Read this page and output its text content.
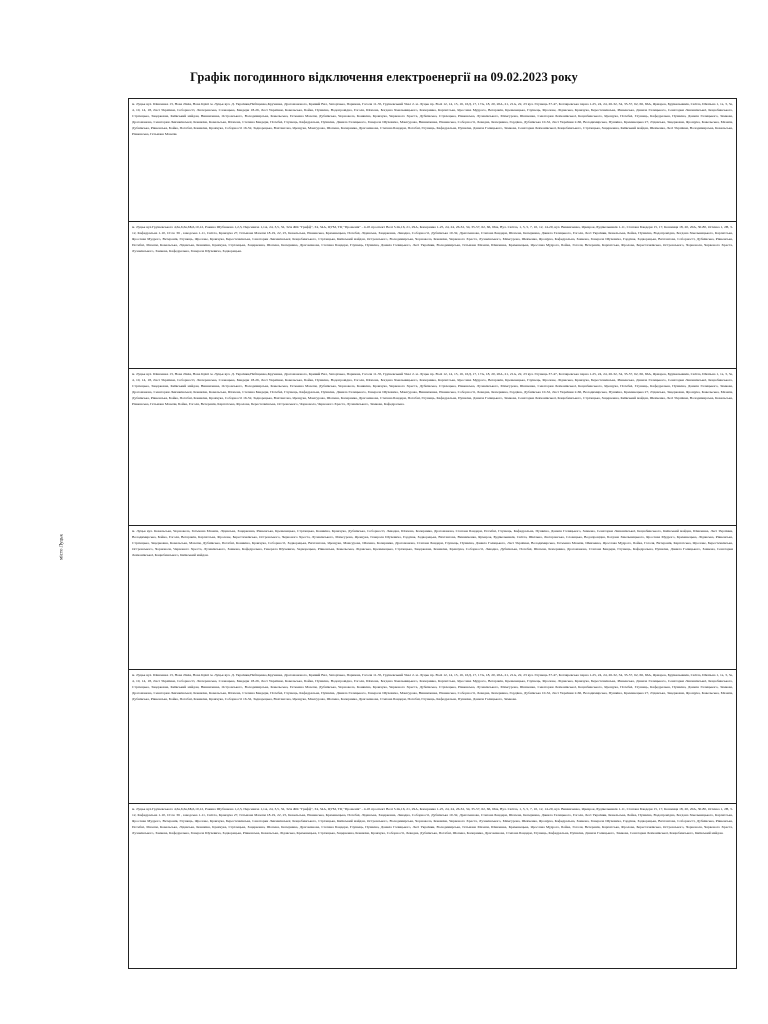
Графік погодинного відключення електроенергії на 09.02.2023 року
місто Луцьк
м. Луцьк вул. Шевченка 13, Нова Лінія, Нова Кріпі м. Луцьк вул. Д. Українки,Небіщенко,Кручинка, Драгоманового, Кривий Вал, Запорізька, Парижна, Гоголя 11-35, Грушевський Увал 2. м. Луцьк пр. Волі 12, 14, 15, 16, 16Д, 17, 17А, 18, 20, 20А, 21, 21А, 22, 23 вул. Глушець 37-47, Котляревська парна 1-25, 24, 24, 26-32, 34, 35-57, 62, 66, 66А, Ярмарок, Будівельників, Світла, Шкільна 1, 1а, 3, 3а, 4, 10, 14, 18, Лесі Українки, Соборності, Лютеранська, Словацька, Бандери 18-26, Лесі Українки, Ковельська, Бойка, Пушкіна, Водопровідна, Гоголя, Шопена, Богдана Хмельницького, Коперника, Карпатська, Ярослава Мудрого, Ветеранів, Кременецька, Глушець, Фролове, Лідавська, Кравчука, Берестечківська, Рівненська, Данила Галицького, Сенаторки Левчанівської, Коцюбинського, Стрілецька, Зацерковна, Київський майдан, Винниченка, Островського, Володимирська, Ковельська, Гетьмана Мазепи, Дубнівська, Чорновола, Конякіна, Кравчука, Червоного Хреста, Дубнівська, Стрілецька, Рівненська, Лучаківського, Мамсурова, Шевченка, Сенаторки Левчанівської, Коцюбинського, Ярощука, Потебні, Глушець, Кафедральна, Пушкіна, Данила Галицького, Замкова, Драгоманова, Сенаторки Левчанівської, Конякіна, Ковельська, Шопена, Степана Бандери, Потебні, Глушець, Кафедральна, Пушкіна, Данила Галицького, Генерала Шухевича, Мамсурова, Винниченка, Рівненська, Соборності, Левадна, Коперника, Гордіюк, Дубнівська 10-32, Лесі Українки 2-66, Володимирська, Пушкіна, Кременецька 27, Лідавська, Зацерковна, Ярощука, Ковельська, Мазепи, Дубнівська, Рівненська, Бойка, Потебні, Конякіна, Кравчука, Соборності 16-32, Задворецька, Вахтангова, Ярощука, Мамсурова, Шопена, Коперника, Драгоманова, Степана Бандери, Потебні, Глушець, Кафедральна, Пушкіна, Данила Галицького, Замкова, Сенаторки Левчанівської, Коцюбинського, Стрілецька, Зацерковна, Київський майдан, Шевченка, Лесі Українки, Володимирська, Ковельська, Рівненська, Гетьмана Мазепи.
м. Луцьк вул.Грушевського 4,6а,6,6а,6Б,6,10,12, Рокина Шубчакова 1,2,3, Персевича 1,1А, 24, 3,5, 32, 32А ЖК "Грифф", 34, 34А, ЦУМ, ТЦ "Променів" - 4-45 проспект Волі 5-9а,16, 21, 29А, Коперника 1-25, 24, 24, 26-32, 34, 35-57, 62, 66, 66А, Вул. Світла, 1, 3, 5, 7, 10, 12, 14-20, вул. Винниченка, Ярмарок, Будівельників 1-11, Степана Бандери 15, 17, Кошинця 18, 20, 20А, 30-80, Огієнка 1, 2В, 3-12, Кафедральна 1-10, 10 по 36 , заводська 1-11, Світла, Кравчука 27, Гетьмана Мазепи 18-19, 22, 25, Ковельська, Рівненська, Кременецька, Потебні, Лідавська, Зацерковна, Левадна, Соборності, Дубнівська 10-32, Драгоманова, Степана Бандери, Шопена, Коперника, Данила Галицького, Гоголя, Лесі Українки, Ковельська, Бойка, Пушкіна, Водопровідна, Богдана Хмельницького, Карпатська, Ярослава Мудрого, Ветеранів, Глушець, Фролове, Кравчука, Берестечківська, Сенаторки Левчанівської, Коцюбинського, Стрілецька, Київський майдан, Островського, Володимирська, Чорновола, Конякіна, Червоного Хреста, Лучаківського, Мамсурова, Шевченка, Ярощука, Кафедральна, Замкова, Генерала Шухевича, Гордіюк, Задворецька, Вахтангова, Соборності, Дубнівська, Рівненська, Потебні, Мазепи, Ковельська, Лідавська, Конякіна, Кравчука, Стрілецька, Зацерковна, Шопена, Коперника, Драгоманова, Степана Бандери, Глушець, Пушкіна, Данила Галицького, Лесі Українки, Володимирська, Гетьмана Мазепи, Шевченка, Кременецька, Ярослава Мудрого, Бойка, Гоголя, Ветеранів, Карпатська, Фролове, Берестечківська, Островського, Чорновола, Червоного Хреста, Лучаківського, Замкова, Кафедральна, Генерала Шухевича, Задворецька.
м. Луцьк вул. Шевченка 13, Нова Лінія, Нова Кріпі м. Луцьк вул. Д. Українки,Небіщенко,Кручинка, Драгоманового, Кривий Вал, Запорізька, Парижна, Гоголя 11-35, Грушевський Увал 2. м. Луцьк пр. Волі 12, 14, 15, 16, 16Д, 17, 17А, 18, 20, 20А, 21, 21А, 22, 23 вул. Глушець 37-47, Котляревська парна 1-25, 24, 24, 26-32, 34, 35-57, 62, 66, 66А, Ярмарок, Будівельників, Світла, Шкільна 1, 1а, 3, 3а, 4, 10, 14, 18, Лесі Українки, Соборності, Лютеранська, Словацька, Бандери 18-26, Лесі Українки, Ковельська, Бойка, Пушкіна, Водопровідна, Гоголя, Шопена, Богдана Хмельницького, Коперника, Карпатська, Ярослава Мудрого, Ветеранів, Кременецька, Глушець, Фролове, Лідавська, Кравчука, Берестечківська, Рівненська, Данила Галицького, Сенаторки Левчанівської, Коцюбинського, Стрілецька, Зацерковна, Київський майдан, Винниченка, Островського, Володимирська, Ковельська, Гетьмана Мазепи, Дубнівська, Чорновола, Конякіна, Кравчука, Червоного Хреста, Дубнівська, Стрілецька, Рівненська, Лучаківського, Мамсурова, Шевченка, Сенаторки Левчанівської, Коцюбинського, Ярощука, Потебні, Глушець, Кафедральна, Пушкіна, Данила Галицького, Замкова, Драгоманова, Сенаторки Левчанівської, Конякіна, Ковельська, Шопена, Степана Бандери, Потебні, Глушець, Кафедральна, Пушкіна, Данила Галицького, Генерала Шухевича, Мамсурова, Винниченка, Рівненська, Соборності, Левадна, Коперника, Гордіюк, Дубнівська 10-32, Лесі Українки 2-66, Володимирська, Пушкіна, Кременецька 27, Лідавська, Зацерковна, Ярощука, Ковельська, Мазепи, Дубнівська, Рівненська, Бойка, Потебні, Конякіна, Кравчука, Соборності 16-32, Задворецька, Вахтангова, Ярощука, Мамсурова, Шопена, Коперника, Драгоманова, Степана Бандери, Потебні, Глушець, Кафедральна, Пушкіна, Данила Галицького, Замкова, Сенаторки Левчанівської, Коцюбинського, Стрілецька, Зацерковна, Київський майдан, Шевченка, Лесі Українки, Володимирська, Ковельська, Рівненська, Гетьмана Мазепи, Бойка, Гоголя, Ветеранів, Карпатська, Фролове, Берестечківська, Островського, Чорновола, Червоного Хреста, Лучаківського, Замкова, Кафедральна.
м. Луцьк вул. Ковельська, Чорновола, Гетьмана Мазепи, Лідавська, Зацерковна, Рівненська, Кременецька, Стрілецька, Конякіна, Кравчука, Дубнівська, Соборності, Левадна, Шопена, Коперника, Драгоманова, Степана Бандери, Потебні, Глушець, Кафедральна, Пушкіна, Данила Галицького, Замкова, Сенаторки Левчанівської, Коцюбинського, Київський майдан, Шевченка, Лесі Українки, Володимирська, Бойка, Гоголя, Ветеранів, Карпатська, Фролове, Берестечківська, Островського, Червоного Хреста, Лучаківського, Мамсурова, Ярощука, Генерала Шухевича, Гордіюк, Задворецька, Вахтангова, Винниченка, Ярмарок, Будівельників, Світла, Шкільна, Лютеранська, Словацька, Водопровідна, Богдана Хмельницького, Ярослава Мудрого, Кременецька, Лідавська, Рівненська, Стрілецька, Зацерковна, Ковельська, Мазепи, Дубнівська, Потебні, Конякіна, Кравчука, Соборності, Задворецька, Вахтангова, Ярощука, Мамсурова, Шопена, Коперника, Драгоманова, Степана Бандери, Глушець, Пушкіна, Данила Галицького, Лесі Українки, Володимирська, Гетьмана Мазепи, Шевченка, Ярослава Мудрого, Бойка, Гоголя, Ветеранів, Карпатська, Фролове, Берестечківська, Островського, Чорновола, Червоного Хреста, Лучаківського, Замкова, Кафедральна, Генерала Шухевича, Задворецька, Рівненська, Ковельська, Лідавська, Кременецька, Стрілецька, Зацерковна, Конякіна, Кравчука, Соборності, Левадна, Дубнівська, Потебні, Шопена, Коперника, Драгоманова, Степана Бандери, Глушець, Кафедральна, Пушкіна, Данила Галицького, Замкова, Сенаторки Левчанівської, Коцюбинського, Київський майдан.
м. Луцьк вул. Шевченка 13, Нова Лінія, Нова Кріпі м. Луцьк вул. Д. Українки,Небіщенко,Кручинка, Драгоманового, Кривий Вал, Запорізька, Парижна, Гоголя 11-35, Грушевський Увал 2. м. Луцьк пр. Волі 12, 14, 15, 16, 16Д, 17, 17А, 18, 20, 20А, 21, 21А, 22, 23 вул. Глушець 37-47, Котляревська парна 1-25, 24, 24, 26-32, 34, 35-57, 62, 66, 66А, Ярмарок, Будівельників, Світла, Шкільна 1, 1а, 3, 3а, 4, 10, 14, 18, Лесі Українки, Соборності, Лютеранська, Словацька, Бандери 18-26, Лесі Українки, Ковельська, Бойка, Пушкіна, Водопровідна, Гоголя, Шопена, Богдана Хмельницького, Коперника, Карпатська, Ярослава Мудрого, Ветеранів, Кременецька, Глушець, Фролове, Лідавська, Кравчука, Берестечківська, Рівненська, Данила Галицького, Сенаторки Левчанівської, Коцюбинського, Стрілецька, Зацерковна, Київський майдан, Винниченка, Островського, Володимирська, Ковельська, Гетьмана Мазепи, Дубнівська, Чорновола, Конякіна, Кравчука, Червоного Хреста, Дубнівська, Стрілецька, Рівненська, Лучаківського, Мамсурова, Шевченка, Сенаторки Левчанівської, Коцюбинського, Ярощука, Потебні, Глушець, Кафедральна, Пушкіна, Данила Галицького, Замкова, Драгоманова, Сенаторки Левчанівської, Конякіна, Ковельська, Шопена, Степана Бандери, Потебні, Глушець, Кафедральна, Пушкіна, Данила Галицького, Генерала Шухевича, Мамсурова, Винниченка, Рівненська, Соборності, Левадна, Коперника, Гордіюк, Дубнівська 10-32, Лесі Українки 2-66, Володимирська, Пушкіна, Кременецька 27, Лідавська, Зацерковна, Ярощука, Ковельська, Мазепи, Дубнівська, Рівненська, Бойка, Потебні, Конякіна, Кравчука, Соборності 16-32, Задворецька, Вахтангова, Ярощука, Мамсурова, Шопена, Коперника, Драгоманова, Степана Бандери, Потебні, Глушець, Кафедральна, Пушкіна, Данила Галицького, Замкова.
м. Луцьк вул.Грушевського 4,6а,6,6а,6Б,6,10,12, Рокина Шубчакова 1,2,3, Персевича 1,1А, 24, 3,5, 32, 32А ЖК "Грифф", 34, 34А, ЦУМ, ТЦ "Променів" - 4-45 проспект Волі 5-9а,16, 21, 29А, Коперника 1-25, 24, 24, 26-32, 34, 35-57, 62, 66, 66А, Вул. Світла, 1, 3, 5, 7, 10, 12, 14-20, вул. Винниченка, Ярмарок, Будівельників 1-11, Степана Бандери 15, 17, Кошинця 18, 20, 20А, 30-80, Огієнка 1, 2В, 3-12, Кафедральна 1-10, 10 по 36 , заводська 1-11, Світла, Кравчука 27, Гетьмана Мазепи 18-19, 22, 25, Ковельська, Рівненська, Кременецька, Потебні, Лідавська, Зацерковна, Левадна, Соборності, Дубнівська 10-32, Драгоманова, Степана Бандери, Шопена, Коперника, Данила Галицького, Гоголя, Лесі Українки, Ковельська, Бойка, Пушкіна, Водопровідна, Богдана Хмельницького, Карпатська, Ярослава Мудрого, Ветеранів, Глушець, Фролове, Кравчука, Берестечківська, Сенаторки Левчанівської, Коцюбинського, Стрілецька, Київський майдан, Островського, Володимирська, Чорновола, Конякіна, Червоного Хреста, Лучаківського, Мамсурова, Шевченка, Ярощука, Кафедральна, Замкова, Генерала Шухевича, Гордіюк, Задворецька, Вахтангова, Соборності, Дубнівська, Рівненська, Потебні, Мазепи, Ковельська, Лідавська, Конякіна, Кравчука, Стрілецька, Зацерковна, Шопена, Коперника, Драгоманова, Степана Бандери, Глушець, Пушкіна, Данила Галицького, Лесі Українки, Володимирська, Гетьмана Мазепи, Шевченка, Кременецька, Ярослава Мудрого, Бойка, Гоголя, Ветеранів, Карпатська, Фролове, Берестечківська, Островського, Чорновола, Червоного Хреста, Лучаківського, Замкова, Кафедральна, Генерала Шухевича, Задворецька, Рівненська, Ковельська, Лідавська, Кременецька, Стрілецька, Зацерковна, Конякіна, Кравчука, Соборності, Левадна, Дубнівська, Потебні, Шопена, Коперника, Драгоманова, Степана Бандери, Глушець, Кафедральна, Пушкіна, Данила Галицького, Замкова, Сенаторки Левчанівської, Коцюбинського, Київський майдан.
